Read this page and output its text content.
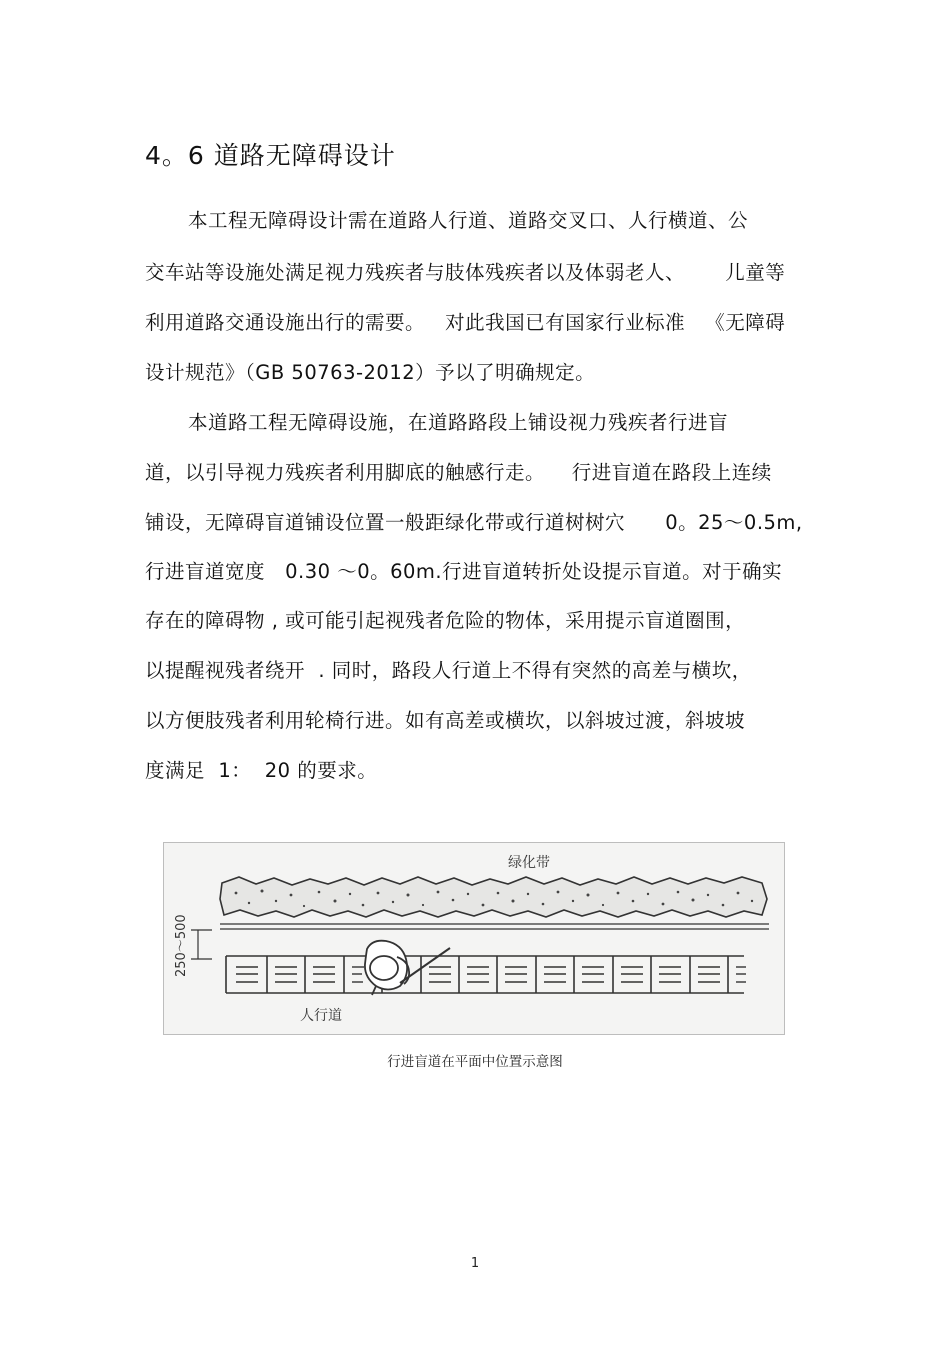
4。6 道路无障碍设计
本工程无障碍设计需在道路人行道、道路交叉口、人行横道、公
交车站等设施处满足视力残疾者与肢体残疾者以及体弱老人、      儿童等
利用道路交通设施出行的需要。   对此我国已有国家行业标准   《无障碍
设计规范》（GB 50763-2012）予以了明确规定。
本道路工程无障碍设施，在道路路段上铺设视力残疾者行进盲
道，以引导视力残疾者利用脚底的触感行走。    行进盲道在路段上连续
铺设，无障碍盲道铺设位置一般距绿化带或行道树树穴      0。25～0.5m,
行进盲道宽度   0.30 ～0。60m.行进盲道转折处设提示盲道。对于确实
存在的障碍物 , 或可能引起视残者危险的物体，采用提示盲道圈围，
以提醒视残者绕开  . 同时，路段人行道上不得有突然的高差与横坎，
以方便肢残者利用轮椅行进。如有高差或横坎，以斜坡过渡，斜坡坡
度满足  1：  20 的要求。
绿化带
250～500
人行道
行进盲道在平面中位置示意图
1
